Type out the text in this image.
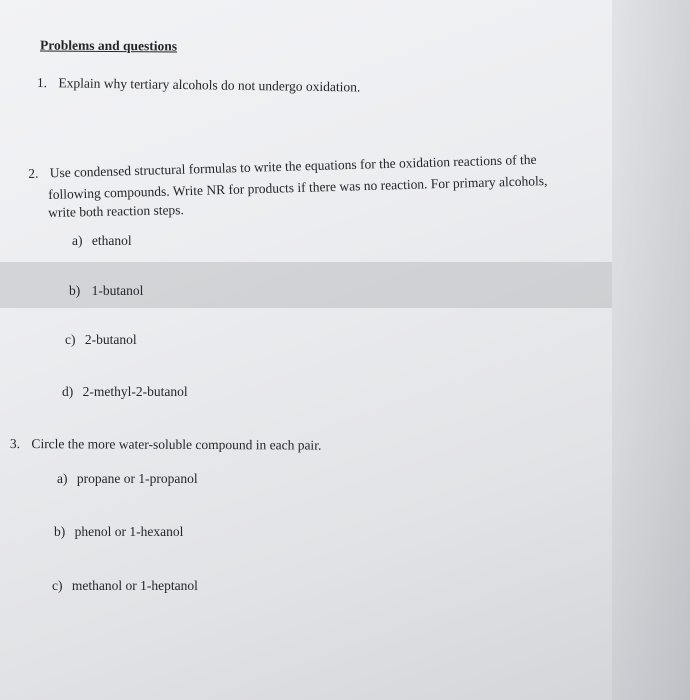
Problems and questions
1. Explain why tertiary alcohols do not undergo oxidation.
2. Use condensed structural formulas to write the equations for the oxidation reactions of the
following compounds. Write NR for products if there was no reaction. For primary alcohols,
write both reaction steps.
a) ethanol
b) 1-butanol
c) 2-butanol
d) 2-methyl-2-butanol
3. Circle the more water-soluble compound in each pair.
a) propane or 1-propanol
b) phenol or 1-hexanol
c) methanol or 1-heptanol
